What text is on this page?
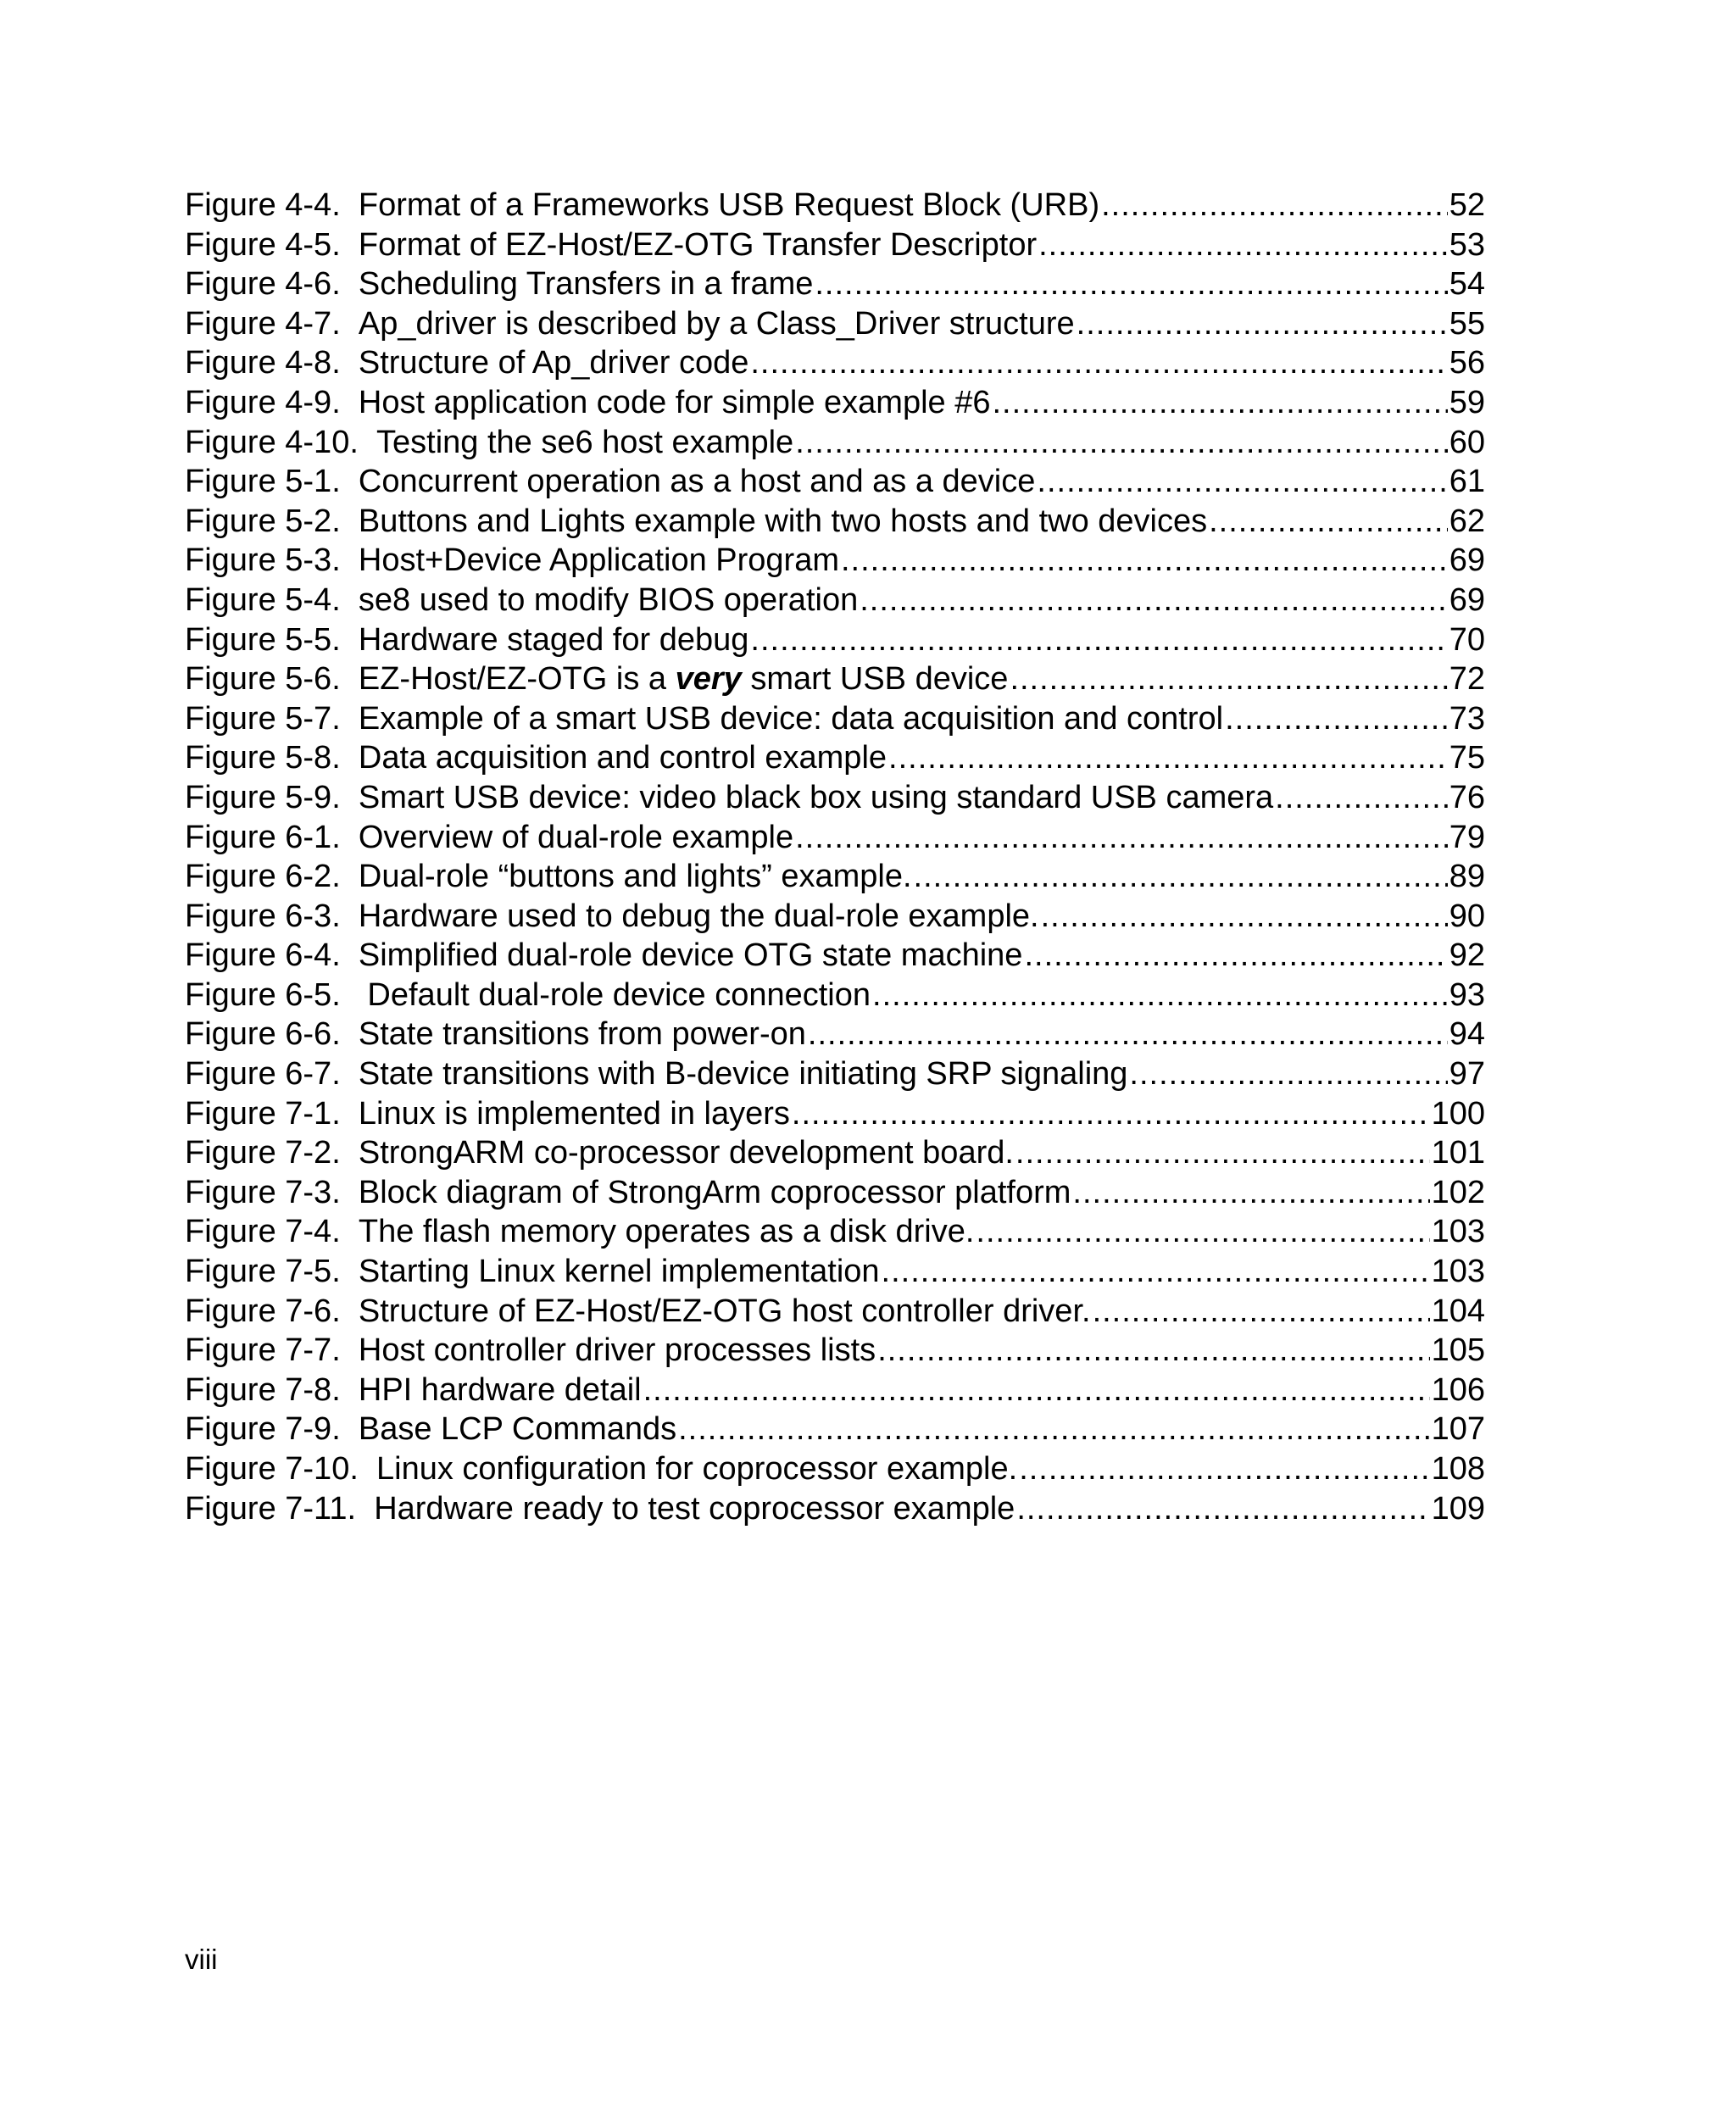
Figure 4-4. Format of a Frameworks USB Request Block (URB) .....	52
Figure 4-5. Format of EZ-Host/EZ-OTG Transfer Descriptor .....	53
Figure 4-6. Scheduling Transfers in a frame .....	54
Figure 4-7. Ap_driver is described by a Class_Driver structure .....	55
Figure 4-8. Structure of Ap_driver code .....	56
Figure 4-9. Host application code for simple example #6 .....	59
Figure 4-10. Testing the se6 host example .....	60
Figure 5-1. Concurrent operation as a host and as a device .....	61
Figure 5-2. Buttons and Lights example with two hosts and two devices .....	62
Figure 5-3. Host+Device Application Program .....	69
Figure 5-4. se8 used to modify BIOS operation .....	69
Figure 5-5. Hardware staged for debug .....	70
Figure 5-6. EZ-Host/EZ-OTG is a very smart USB device .....	72
Figure 5-7. Example of a smart USB device: data acquisition and control .....	73
Figure 5-8. Data acquisition and control example .....	75
Figure 5-9. Smart USB device: video black box using standard USB camera .....	76
Figure 6-1. Overview of dual-role example .....	79
Figure 6-2. Dual-role “buttons and lights” example. .....	89
Figure 6-3. Hardware used to debug the dual-role example. .....	90
Figure 6-4. Simplified dual-role device OTG state machine .....	92
Figure 6-5. Default dual-role device connection .....	93
Figure 6-6. State transitions from power-on .....	94
Figure 6-7. State transitions with B-device initiating SRP signaling .....	97
Figure 7-1. Linux is implemented in layers .....	100
Figure 7-2. StrongARM co-processor development board. .....	101
Figure 7-3. Block diagram of StrongArm coprocessor platform .....	102
Figure 7-4. The flash memory operates as a disk drive. .....	103
Figure 7-5. Starting Linux kernel implementation .....	103
Figure 7-6. Structure of EZ-Host/EZ-OTG host controller driver. .....	104
Figure 7-7. Host controller driver processes lists .....	105
Figure 7-8. HPI hardware detail .....	106
Figure 7-9. Base LCP Commands .....	107
Figure 7-10. Linux configuration for coprocessor example. .....	108
Figure 7-11. Hardware ready to test coprocessor example .....	109
viii
